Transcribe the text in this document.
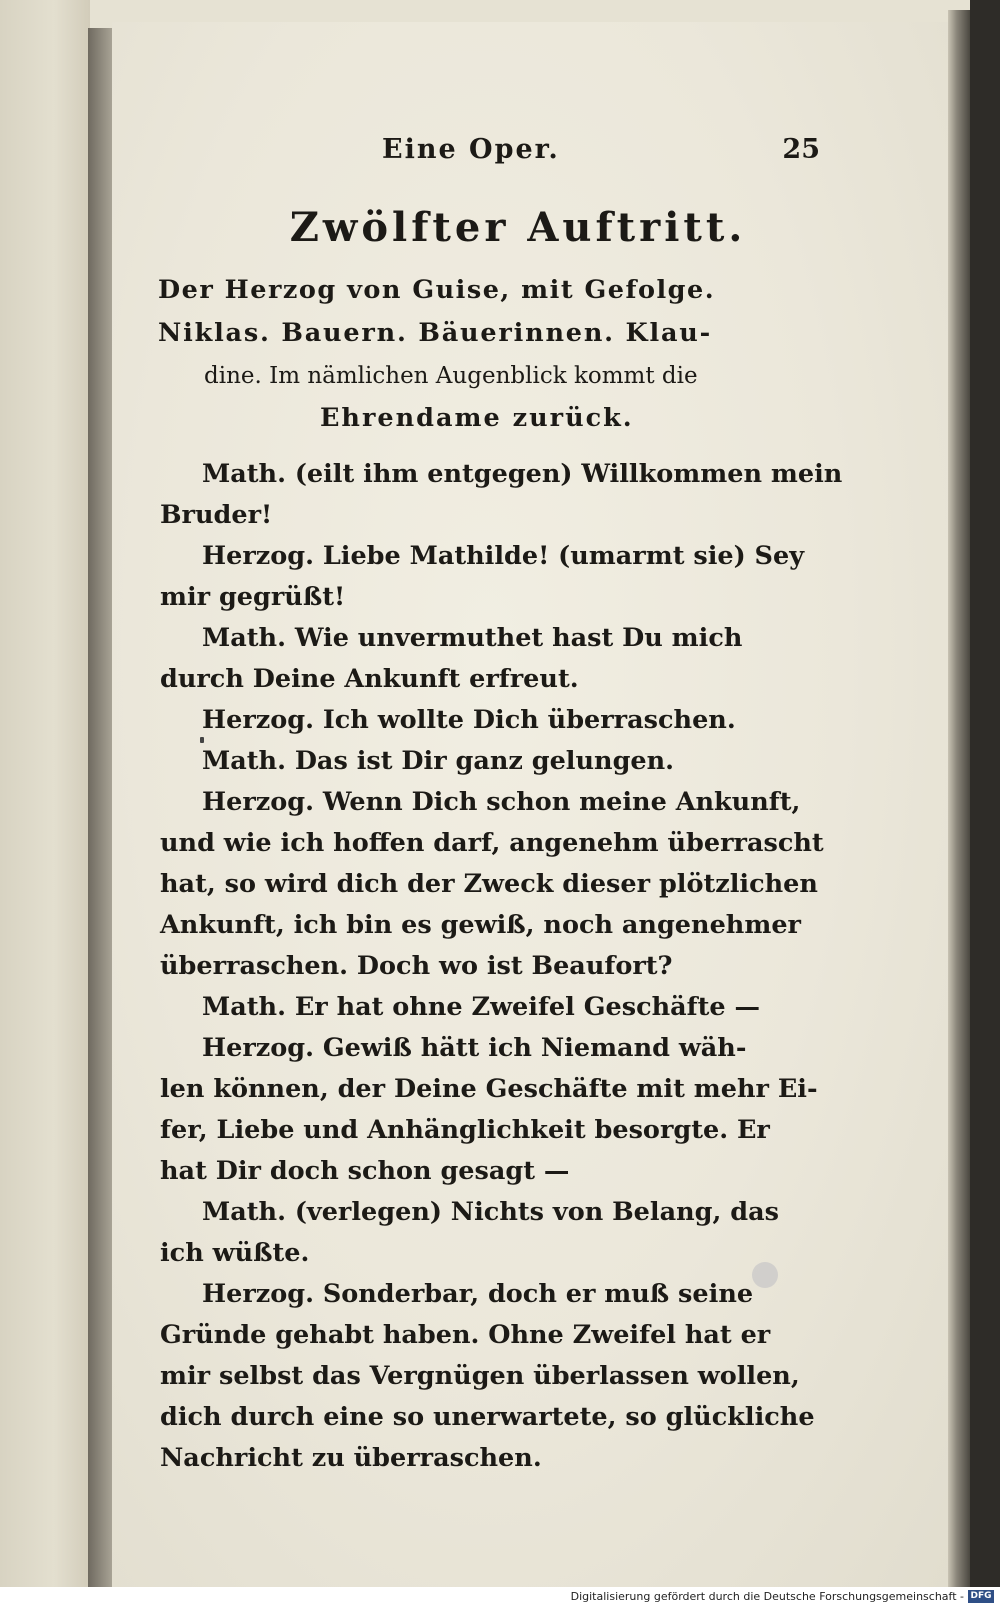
Eine Oper.	25
Zwölfter Auftritt.
Der Herzog von Guise, mit Gefolge.
Niklas. Bauern. Bäuerinnen. Klau-
dine. Im nämlichen Augenblick kommt die
Ehrendame zurück.
Math. (eilt ihm entgegen) Willkommen mein
Bruder!
Herzog. Liebe Mathilde! (umarmt sie) Sey
mir gegrüßt!
Math. Wie unvermuthet hast Du mich
durch Deine Ankunft erfreut.
Herzog. Ich wollte Dich überraschen.
Math. Das ist Dir ganz gelungen.
Herzog. Wenn Dich schon meine Ankunft,
und wie ich hoffen darf, angenehm überrascht
hat, so wird dich der Zweck dieser plötzlichen
Ankunft, ich bin es gewiß, noch angenehmer
überraschen. Doch wo ist Beaufort?
Math. Er hat ohne Zweifel Geschäfte —
Herzog. Gewiß hätt ich Niemand wäh-
len können, der Deine Geschäfte mit mehr Ei-
fer, Liebe und Anhänglichkeit besorgte. Er
hat Dir doch schon gesagt —
Math. (verlegen) Nichts von Belang, das
ich wüßte.
Herzog. Sonderbar, doch er muß seine
Gründe gehabt haben. Ohne Zweifel hat er
mir selbst das Vergnügen überlassen wollen,
dich durch eine so unerwartete, so glückliche
Nachricht zu überraschen.
Digitalisierung gefördert durch die Deutsche Forschungsgemeinschaft - DFG
